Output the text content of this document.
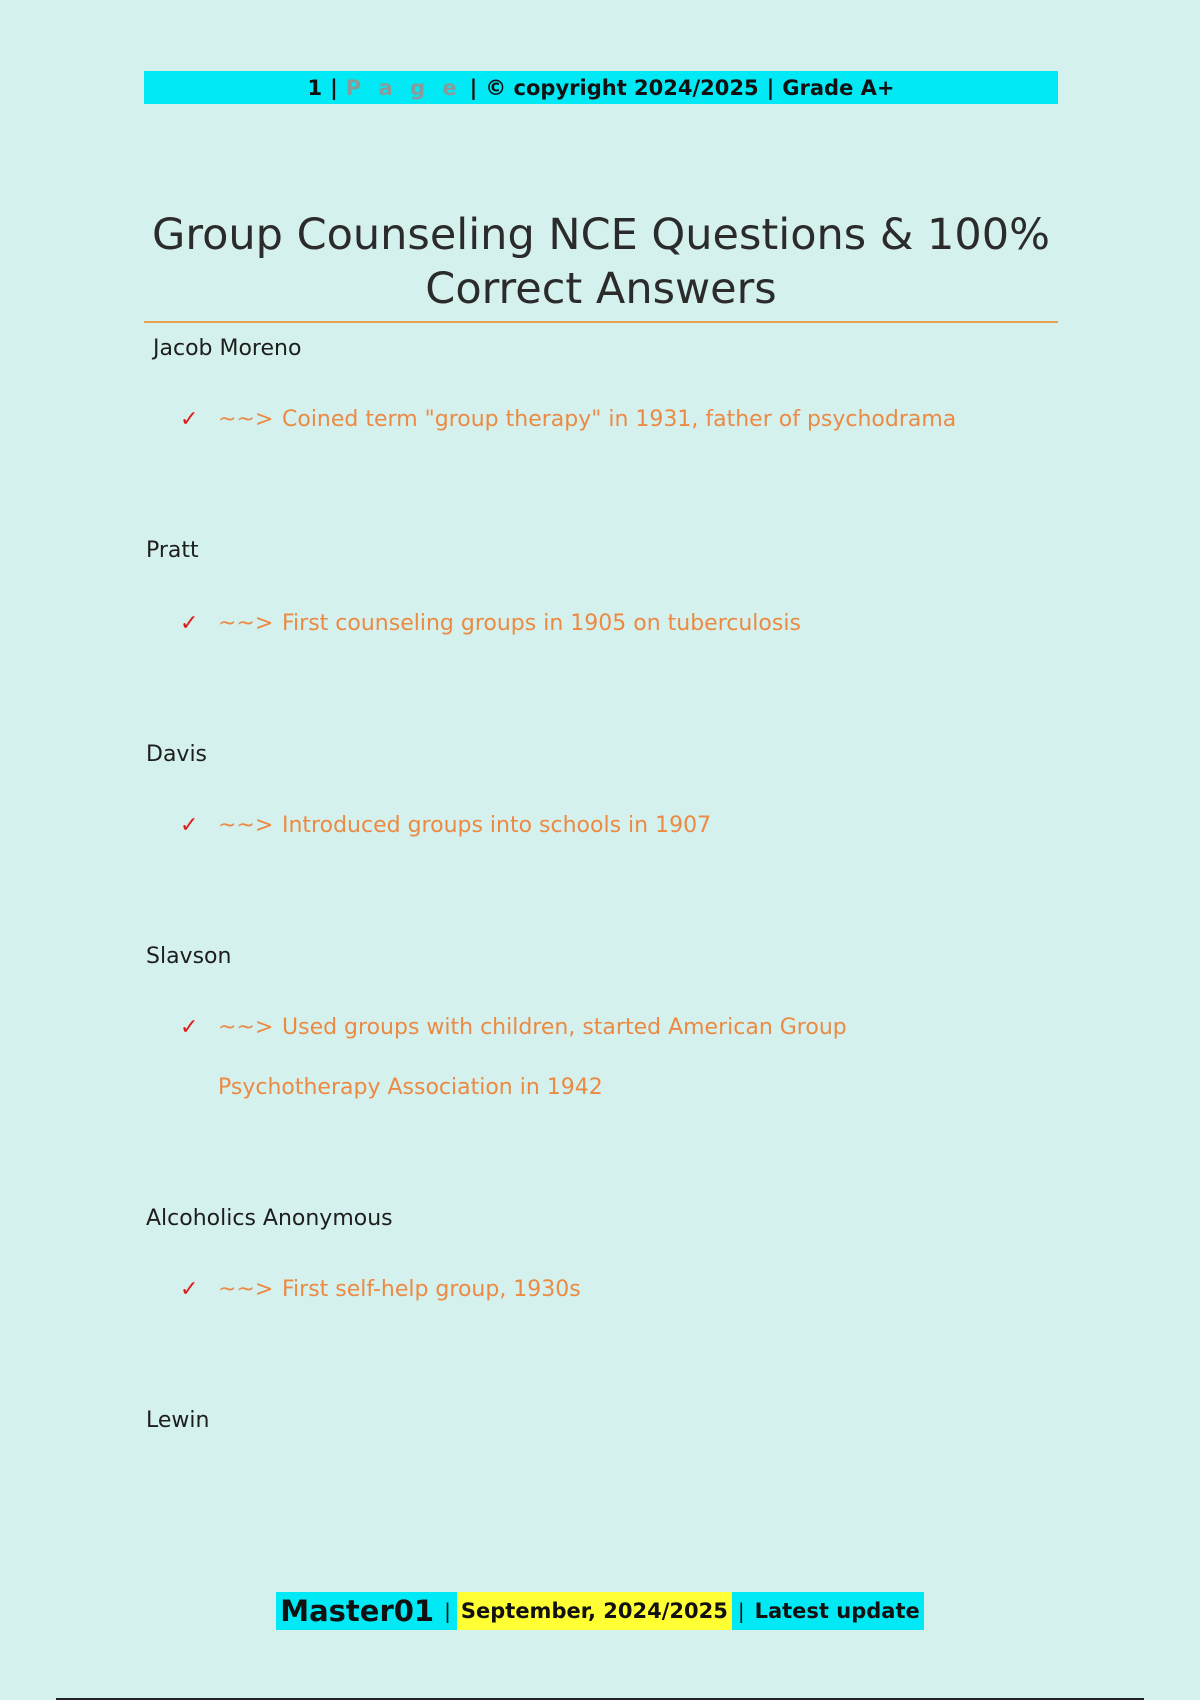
1 | P a g e | © copyright 2024/2025 | Grade A+
Group Counseling NCE Questions & 100%
Correct Answers
Jacob Moreno
✓ ~~> Coined term "group therapy" in 1931, father of psychodrama
Pratt
✓ ~~> First counseling groups in 1905 on tuberculosis
Davis
✓ ~~> Introduced groups into schools in 1907
Slavson
✓ ~~> Used groups with children, started American Group
Psychotherapy Association in 1942
Alcoholics Anonymous
✓ ~~> First self-help group, 1930s
Lewin
Master01 | September, 2024/2025 | Latest update
